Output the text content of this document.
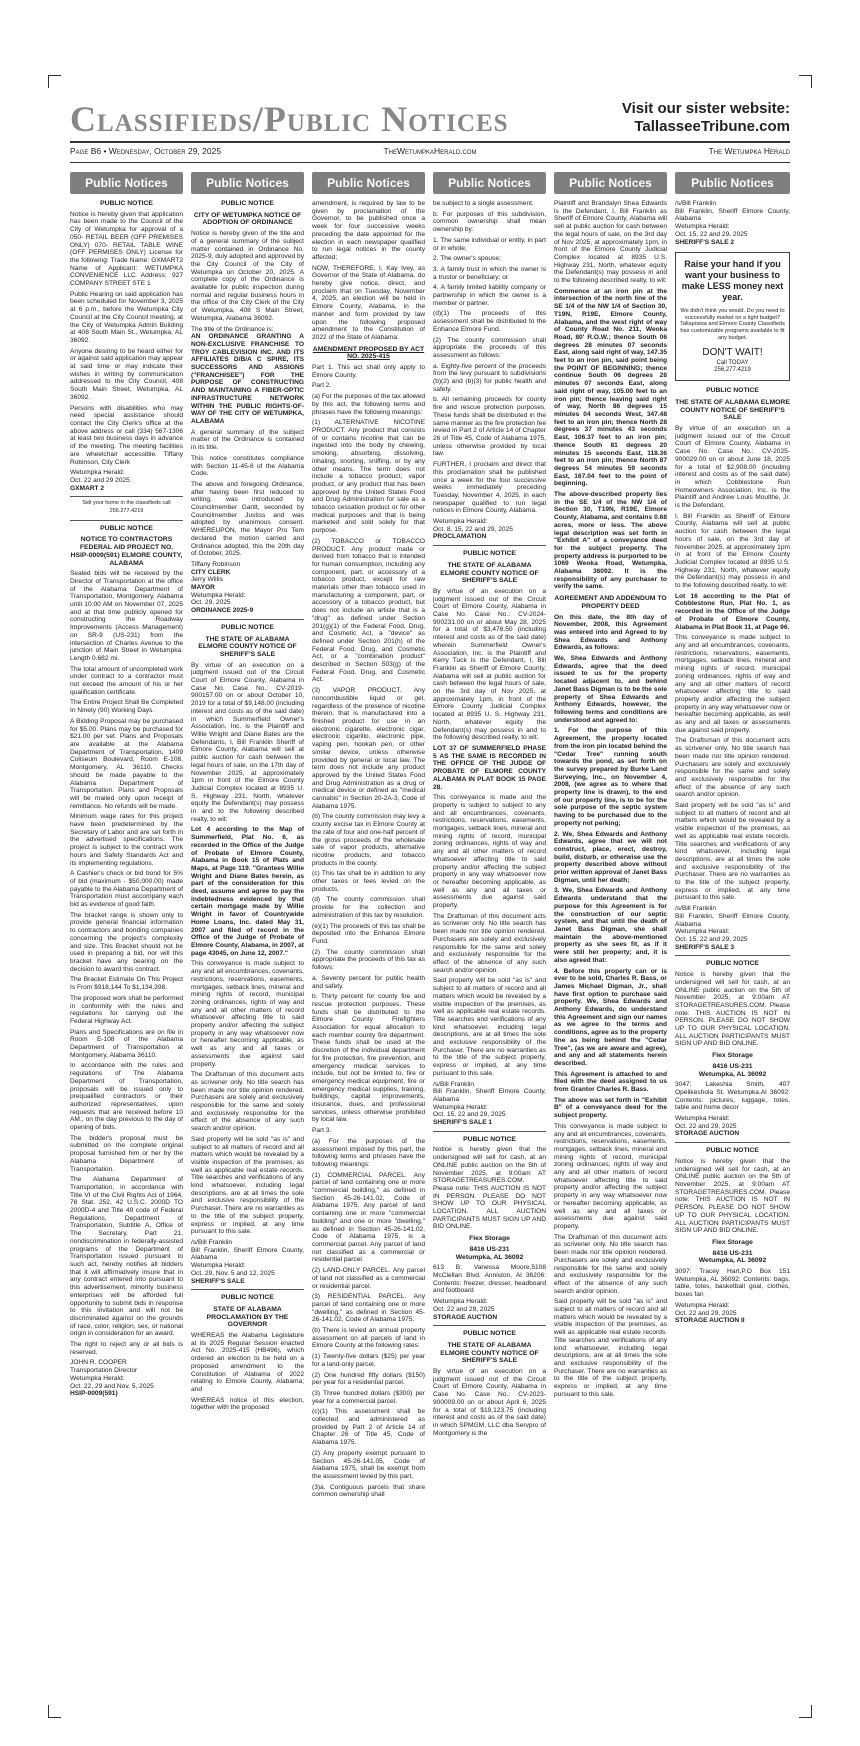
Classifieds/Public Notices	Visit our sister website:
TallasseeTribune.com
Page B6 • Wednesday, October 29, 2025	TheWetumpkaHerald.com	The Wetumpka Herald
Public Notices

PUBLIC NOTICE

Notice is hereby given that application has been made to the Council of the City of Wetumpka for approval of a 050- RETAIL BEER (OFF PREMISES ONLY) 070- RETAIL TABLE WINE (OFF PERMISES ONLY) License for the following: Trade Name: GXMART2 Name of Applicant: WETUMPKA CONVENIENCE LLC Address: 927 COMPANY STREET STE 1

Public Hearing on said application has been scheduled for November 3, 2025 at 6 p.m., before the Wetumpka City Council at the City Council meeting, at the City of Wetumpka Admin Building at 408 South Main St., Wetumpka, AL 36092.

Anyone desiring to be heard either for or against said application may appear at said time or may indicate their wishes in writing by communication addressed to the City Council, 408 South Main Street, Wetumpka, AL 36092.

Persons with disabilities who may need special assistance should contact the City Clerk's office at the above address or call (334) 567-1306 at least two business days in advance of the meeting. The meeting facilities are wheelchair accessible. Tiffany Robinson, City Clerk

Wetumpka Herald:

Oct. 22 and 29 2025

GXMART 2

Sell your home in the classifieds call 256.277.4219

PUBLIC NOTICE

NOTICE TO CONTRACTORS FEDERAL AID PROJECT NO. HSIP-0009(591) ELMORE COUNTY, ALABAMA

Sealed bids will be received by the Director of Transportation at the office of the Alabama Department of Transportation, Montgomery, Alabama until 10:00 AM on November 07, 2025 and at that time publicly opened for constructing the Roadway Improvements (Access Management) on SR-9 (US-231) from the intersection of Charles Avenue to the junction of Main Street in Wetumpka. Length 0.682 mi.

The total amount of uncompleted work under contract to a contractor must not exceed the amount of his or her qualification certificate.

The Entire Project Shall Be Completed In Ninety (90) Working Days.

A Bidding Proposal may be purchased for $5.00. Plans may be purchased for $21.00 per set. Plans and Proposals are available at the Alabama Department of Transportation, 1409 Coliseum Boulevard, Room E-108, Montgomery, AL 36110. Checks should be made payable to the Alabama Department of Transportation. Plans and Proposals will be mailed only upon receipt of remittance. No refunds will be made.

Minimum wage rates for this project have been predetermined by the Secretary of Labor and are set forth in the advertised specifications. The project is subject to the contract work hours and Safety Standards Act and its implementing regulations.

A Cashier's check or bid bond for 5% of bid (maximum - $50,000.00) made payable to the Alabama Department of Transportation must accompany each bid as evidence of good faith.

The bracket range is shown only to provide general financial information to contractors and bonding companies concerning the project's complexity and size. This Bracket should not be used in preparing a bid, nor will this bracket have any bearing on the decision to award this contract.

The Bracket Estimate On This Project Is From $918,144 To $1,134,398.

The proposed work shall be performed in conformity with the rules and regulations for carrying out the Federal Highway Act.

Plans and Specifications are on file in Room E-108 of the Alabama Department of Transportation at Montgomery, Alabama 36110.

In accordance with the rules and regulations of The Alabama Department of Transportation, proposals will be issued only to prequalified contractors or their authorized representatives, upon requests that are received before 10 AM., on the day previous to the day of opening of bids.

The bidder's proposal must be submitted on the complete original proposal furnished him or her by the Alabama Department of Transportation.

The Alabama Department of Transportation, in accordance with Title VI of the Civil Rights Act of 1964, 78 Stat. 252, 42 U.S.C. 2000D TO 2000D-4 and Title 49 code of Federal Regulations, Department of Transportation, Subtitle A, Office of The Secretary, Part 21, nondiscrimination in federally-assisted programs of the Department of Transportation issued pursuant to such act, hereby notifies all bidders that it will affirmatively insure that in any contract entered into pursuant to this advertisement, minority business enterprises will be afforded full opportunity to submit bids in response to this invitation and will not be discriminated against on the grounds of race, color, religion, sex, or national origin in consideration for an award.

The right to reject any or all bids is reserved.

JOHN R. COOPER

Transportation Director

Wetumpka Herald:

Oct. 22, 29 and Nov. 5, 2025

HSIP-0009(591)

Public Notices

PUBLIC NOTICE

CITY OF WETUMPKA NOTICE OF ADOPTION OF ORDINANCE

Notice is hereby given of the title and of a general summary of the subject matter contained in Ordinance No. 2025-9, duly adopted and approved by the City Council of the City of Wetumpka on October 20, 2025. A complete copy of the Ordinance is available for public inspection during normal and regular business hours in the office of the City Clerk of the City of Wetumpka, 408 S Main Street, Wetumpka, Alabama 36092.

The title of the Ordinance is:

AN ORDINANCE GRANTING A NON-EXCLUSIVE FRANCHISE TO TROY CABLEVISION INC. AND ITS AFFILIATES D/B/A C SPIRE, ITS SUCCESSORS AND ASSIGNS ("FRANCHISEE") FOR THE PURPOSE OF CONSTRUCTING AND MAINTAINING A FIBER-OPTIC INFRASTRUCTURE NETWORK WITHIN THE PUBLIC RIGHTS-OF-WAY OF THE CITY OF WETUMPKA, ALABAMA

A general summary of the subject matter of the Ordinance is contained in its title.

This notice constitutes compliance with Section 11-45-8 of the Alabama Code.

The above and foregoing Ordinance, after having been first reduced to writing, was introduced by Councilmember Gantt, seconded by Councilmember Justiss and was adopted by unanimous consent. WHEREUPON, the Mayor Pro Tem declared the motion carried and Ordinance adopted, this the 20th day of October, 2025.

Tiffany Robinson

CITY CLERK

Jerry Willis

MAYOR

Wetumpka Herald:

Oct. 29, 2025

ORDINANCE 2025-9

PUBLIC NOTICE

THE STATE OF ALABAMA ELMORE COUNTY NOTICE OF SHERIFF'S SALE

By virtue of an execution on a judgment issued out of the Circuit Court of Elmore County, Alabama in Case No. Case No.: CV-2019-900157.00 on or about October 10, 2019 for a total of $9,148.00 (including interest and costs as of the said date) in which Summerfield Owner's Association, Inc. is the Plaintiff and Willie Wright and Diane Bates are the Defendants, I, Bill Franklin Sheriff of Elmore County, Alabama will sell at public auction for cash between the legal hours of sale, on the 17th day of November 2025, at approximately 1pm in front of the Elmore County Judicial Complex located at 8935 U. S. Highway 231, North, whatever equity the Defendant(s) may possess in and to the following described realty, to wit:

Lot 4 according to the Map of Summerfield, Plat No. 6, as recorded in the Office of the Judge of Probate of Elmore County, Alabama in Book 15 of Plats and Maps, at Page 119. "Grantees Willie Wright and Diane Bates herein, as part of the consideration for this deed, assume and agree to pay the indebtedness evidenced by that certain mortgage made by Willie Wright in favor of Countrywide Home Loans, Inc. dated May 31, 2007 and filed of record in the Office of the Judge of Probate of Elmore County, Alabama, in 2007, at page 43045, on June 12, 2007."

This conveyance is made subject to any and all encumbrances, covenants, restrictions, reservations, easements, mortgages, setback lines, mineral and mining rights of record, municipal zoning ordinances, rights of way and any and all other matters of record whatsoever affecting title to said property and/or affecting the subject property in any way whatsoever now or hereafter becoming applicable, as well as any and all taxes or assessments due against said property.

The Draftsman of this document acts as scrivener only. No title search has been made nor title opinion rendered. Purchasers are solely and exclusively responsible for the same and solely and exclusively responsible for the effect of the absence of any such search and/or opinion.

Said property will be sold "as is" and subject to all matters of record and all matters which would be revealed by a visible inspection of the premises, as well as applicable real estate records. Title searches and verifications of any kind whatsoever, including legal descriptions, are at all times the sole and exclusive responsibility of the Purchaser. There are no warranties as to the title of the subject property, express or implied, at any time pursuant to this sale.

/s/Bill Franklin

Bill Franklin, Sheriff Elmore County, Alabama

Wetumpka Herald:

Oct. 29, Nov. 5 and 12, 2025

SHERIFF'S SALE

PUBLIC NOTICE

STATE OF ALABAMA PROCLAMATION BY THE GOVERNOR

WHEREAS the Alabama Legislature at its 2025 Regular Session enacted Act No. 2025-415 (HB496), which ordered an election to be held on a proposed amendment to the Constitution of Alabama of 2022 relating to Elmore County, Alabama; and

WHEREAS notice of this election, together with the proposed

Public Notices

amendment, is required by law to be given by proclamation of the Governor, to be published once a week for four successive weeks preceding the date appointed for the election in each newspaper qualified to run legal notices in the county affected;

NOW, THEREFORE, I, Kay Ivey, as Governor of the State of Alabama, do hereby give notice, direct, and proclaim that on Tuesday, November 4, 2025, an election will be held in Elmore County, Alabama, in the manner and form provided by law upon the following proposed amendment to the Constitution of 2022 of the State of Alabama:

AMENDMENT PROPOSED BY ACT NO. 2025-415

Part 1. This act shall only apply to Elmore County.

Part 2.

(a) For the purposes of the tax allowed by this act, the following terms and phrases have the following meanings:

(1) ALTERNATIVE NICOTINE PRODUCT. Any product that consists of or contains nicotine that can be ingested into the body by chewing, smoking, absorbing, dissolving, inhaling, snorting, sniffing, or by any other means. The term does not include a tobacco product, vapor product, or any product that has been approved by the United States Food and Drug Administration for sale as a tobacco cessation product or for other medical purposes and that is being marketed and sold solely for that purpose.

(2) TOBACCO or TOBACCO PRODUCT. Any product made or derived from tobacco that is intended for human consumption, including any component, part, or accessory of a tobacco product, except for raw materials other than tobacco used in manufacturing a component, part, or accessory of a tobacco product, but does not include an article that is a "drug" as defined under Section 201(g)(1) of the Federal Food, Drug, and Cosmetic Act, a "device" as defined under Section 201(h) of the Federal Food, Drug, and Cosmetic Act, or a "combination product" described in Section 503(g) of the Federal Food, Drug, and Cosmetic Act.

(3) VAPOR PRODUCT. Any noncombustible liquid or gel, regardless of the presence of nicotine therein, that is manufactured into a finished product for use in an electronic cigarette, electronic cigar, electronic cigarillo, electronic pipe, vaping pen, hookah pen, or other similar device, unless otherwise provided by general or local law. The term does not include any product approved by the United States Food and Drug Administration as a drug or medical device or defined as "medical cannabis" in Section 20-2A-3, Code of Alabama 1975.

(b) The county commission may levy a county excise tax in Elmore County at the rate of four and one-half percent of the gross proceeds of the wholesale sale of vapor products, alternative nicotine products, and tobacco products in the county.

(c) This tax shall be in addition to any other taxes or fees levied on the products.

(d) The county commission shall provide for the collection and administration of this tax by resolution.

(e)(1) The proceeds of this tax shall be deposited into the Enhance Elmore Fund.

(2) The county commission shall appropriate the proceeds of this tax as follows:

a. Seventy percent for public health and safety.

b. Thirty percent for county fire and rescue protection purposes. These funds shall be distributed to the Elmore County Firefighters Association for equal allocation to each member county fire department. These funds shall be used at the discretion of the individual department for fire protection, fire prevention, and emergency medical services to include, but not be limited to, fire or emergency medical equipment, fire or emergency medical supplies, training, buildings, capital improvements, insurance, dues, and professional services, unless otherwise prohibited by local law.

Part 3.

(a) For the purposes of the assessment imposed by this part, the following terms and phrases have the following meanings:

(1) COMMERCIAL PARCEL. Any parcel of land containing one or more "commercial building," as defined in Section 45-26-141.02, Code of Alabama 1975. Any parcel of land containing one or more "commercial building" and one or more "dwelling," as defined in Section 45-26-141.02, Code of Alabama 1975, is a commercial parcel. Any parcel of land not classified as a commercial or residential parcel.

(2) LAND-ONLY PARCEL. Any parcel of land not classified as a commercial or residential parcel.

(3) RESIDENTIAL PARCEL. Any parcel of land containing one or more "dwelling," as defined in Section 45-26-141.02, Code of Alabama 1975.

(b) There is levied an annual property assessment on all parcels of land in Elmore County at the following rates:

(1) Twenty-five dollars ($25) per year for a land-only parcel.

(2) One hundred fifty dollars ($150) per year for a residential parcel.

(3) Three hundred dollars ($300) per year for a commercial parcel.

(c)(1) This assessment shall be collected and administered as provided by Part 2 of Article 14 of Chapter 26 of Title 45, Code of Alabama 1975.

(2) Any property exempt pursuant to Section 45-26-141.05, Code of Alabama 1975, shall be exempt from the assessment levied by this part.

(3)a. Contiguous parcels that share common ownership shall

Public Notices

be subject to a single assessment.

b. For purposes of this subdivision, common ownership shall mean ownership by:

1. The same individual or entity, in part or in whole;

2. The owner's spouse;

3. A family trust in which the owner is a trustor or beneficiary; or

4. A family limited liability company or partnership in which the owner is a member or partner.

(d)(1) The proceeds of this assessment shall be distributed to the Enhance Elmore Fund.

(2) The county commission shall appropriate the proceeds of this assessment as follows:

a. Eighty-five percent of the proceeds from the levy pursuant to subdivisions (b)(2) and (b)(3) for public health and safety.

b. All remaining proceeds for county fire and rescue protection purposes. These funds shall be distributed in the same manner as the fire protection fee levied in Part 2 of Article 14 of Chapter 26 of Title 45, Code of Alabama 1975, unless otherwise provided by local law.

FURTHER, I proclaim and direct that this proclamation shall be published once a week for the four successive weeks immediately preceding Tuesday, November 4, 2025, in each newspaper qualified to run legal notices in Elmore County, Alabama.

Wetumpka Herald:

Oct. 8, 15, 22 and 29, 2025

PROCLAMATION

PUBLIC NOTICE

THE STATE OF ALABAMA ELMORE COUNTY NOTICE OF SHERIFF'S SALE

By virtue of an execution on a judgment issued out of the Circuit Court of Elmore County, Alabama in Case No. Case No.: CV-2024-900231.00 on or about May 28, 2025 for a total of $3,476.50 (including interest and costs as of the said date) wherein Summerfield Owner's Association, Inc. is the Plaintiff and Kerry Tuck is the Defendant, I, Bill Franklin as Sheriff of Elmore County, Alabama will sell at public auction for cash between the legal hours of sale, on the 3rd day of Nov 2025, at approximately 1pm, in front of the Elmore County Judicial Complex located at 8935 U. S. Highway 231, North, whatever equity the Defendant(s) may possess in and to the following described realty, to wit:

LOT 37 OF SUMMERFIELD PHASE 5 AS THE SAME IS RECORDED IN THE OFFICE OF THE JUDGE OF PROBATE OF ELMORE COUNTY ALABAMA IN PLAT BOOK 15 PAGE 28.

This conveyance is made and the property is subject to subject to any and all encumbrances, covenants, restrictions, reservations, easements, mortgages, setback lines, mineral and mining rights of record, municipal zoning ordinances, rights of way and any and all other matters of record whatsoever affecting title to said property and/or affecting the subject property in any way whatsoever now or hereafter becoming applicable, as well as any and all taxes or assessments due against said property.

The Draftsman of this document acts as scrivener only. No title search has been made nor title opinion rendered. Purchasers are solely and exclusively responsible for the same and solely and exclusively responsible for the effect of the absence of any such search and/or opinion.

Said property will be sold "as is" and subject to all matters of record and all matters which would be revealed by a visible inspection of the premises, as well as applicable real estate records. Title searches and verifications of any kind whatsoever, including legal descriptions, are at all times the sole and exclusive responsibility of the Purchaser. There are no warranties as to the title of the subject property, express or implied, at any time pursuant to this sale.

/s/Bill Franklin

Bill Franklin, Sheriff Elmore County, Alabama

Wetumpka Herald:

Oct. 15, 22 and 29, 2025

SHERIFF'S SALE 1

PUBLIC NOTICE

Notice is hereby given that the undersigned will sell for cash, at an ONLINE public auction on the 5th of November 2025, at 9:00am AT STORAGETREASURES.COM. Please note: THIS AUCTION IS NOT IN PERSON. PLEASE DO NOT SHOW UP TO OUR PHYSICAL LOCATION. ALL AUCTION PARTICIPANTS MUST SIGN UP AND BID ONLINE.

Flex Storage

8416 US-231

Wetumpka, AL 36092

613 B: Vanessa Moore,5108 McClellan Blvd. Anniston, Al 36206: Contents: freezer, dresser, headboard and footboard

Wetumpka Herald:

Oct. 22 and 29, 2025

STORAGE AUCTION

PUBLIC NOTICE

THE STATE OF ALABAMA ELMORE COUNTY NOTICE OF SHERIFF'S SALE

By virtue of an execution on a judgment issued out of the Circuit Court of Elmore County, Alabama in Case No. Case No.: CV-2023-900009.00 on or about April 6, 2025 for a total of $19,123.75 (including interest and costs as of the said date) in which SPMGM, LLC dba Servpro of Montgomery is the

Public Notices

Plaintiff and Brandalyn Shea Edwards is the Defendant, I, Bill Franklin as Sheriff of Elmore County, Alabama will sell at public auction for cash between the legal hours of sale, on the 3rd day of Nov 2025, at approximately 1pm, in front of the Elmore County Judicial Complex located at 8935 U.S. Highway 231, North, whatever equity the Defendant(s) may possess in and to the following described realty, to wit:

Commence at an iron pin at the intersection of the north line of the SE 1/4 of the NW 1/4 of Section 30, T19N, R19E, Elmore County, Alabama, and the west right of way of County Road No. 211, Weoka Road, 80' R.O.W.; thence South 06 degrees 28 minutes 07 seconds East, along said right of way, 147.35 feet to an iron pin, said point being the POINT OF BEGINNING; thence continue South 06 degrees 28 minutes 07 seconds East, along said right of way, 105.00 feet to an iron pin; thence leaving said right of way, North 86 degrees 15 minutes 04 seconds West, 347.48 feet to an iron pin; thence North 28 degrees 37 minutes 43 seconds East, 106.37 feet to an iron pin; thence South 81 degrees 20 minutes 15 seconds East, 118.36 feet to an iron pin; thence North 87 degrees 54 minutes 59 seconds East, 167.04 feet to the point of beginning.

The above-described property lies in the SE 1/4 of the NW 1/4 of Section 30, T19N, R19E, Elmore County, Alabama, and contains 0.68 acres, more or less. The above legal description was set forth in "Exhibit A" of a conveyance deed for the subject property. The property address is purported to be 1069 Weoka Road, Wetumpka, Alabama 36092. It is the responsibility of any purchaser to verify the same.

AGREEMENT AND ADDENDUM TO PROPERTY DEED

On this date, the 8th day of November, 2008, this Agreement was entered into and Agreed to by Shea Edwards and Anthony Edwards, as follows:

We, Shea Edwards and Anthony Edwards, agree that the deed issued to us for the property located adjacent to, and behind Janet Bass Digman is to be the sole property of Shea Edwards and Anthony Edwards, however, the following terms and conditions are understood and agreed to:

1. For the purpose of this Agreement, the property located from the iron pin located behind the "Cedar Tree" running south towards the pond, as set forth on the survey prepared by Burke Land Surveying, Inc., on November 4, 2008, (we agree as to where that property line is drawn), to the end of our property line, is to be for the sole purpose of the septic system having to be purchased due to the property not perking;

2. We, Shea Edwards and Anthony Edwards, agree that we will not construct, place, erect, destroy, build, disturb, or otherwise use the property described above without prior written approval of Janet Bass Digman, until her death;

3. We, Shea Edwards and Anthony Edwards understand that the purpose for this Agreement is for the construction of our septic system, and that until the death of Janet Bass Digman, she shall maintain the above-mentioned property as she sees fit, as if it were still her property; and, it is also agreed that:

4. Before this property can or is ever to be sold, Charles R. Bass, or James Michael Digman, Jr., shall have first option to purchase said property. We, Shea Edwards and Anthony Edwards, do understand this Agreement and sign our names as we agree to the terms and conditions, agree as to the property line as being behind the "Cedar Tree", (as we are aware and agree), and any and all statements herein described.

This Agreement is attached to and filed with the deed assigned to us from Grantor Charles R. Bass.

The above was set forth in "Exhibit B" of a conveyance deed for the subject property.

This conveyance is made subject to any and all encumbrances, covenants, restrictions, reservations, easements, mortgages, setback lines, mineral and mining rights of record, municipal zoning ordinances, rights of way and any and all other matters of record whatsoever affecting title to said property and/or affecting the subject property in any way whatsoever now or hereafter becoming applicable, as well as any and all taxes or assessments due against said property.

The Draftsman of this document acts as scrivener only. No title search has been made nor title opinion rendered. Purchasers are solely and exclusively responsible for the same and solely and exclusively responsible for the effect of the absence of any such search and/or opinion.

Said property will be sold "as is" and subject to all matters of record and all matters which would be revealed by a visible inspection of the premises, as well as applicable real estate records. Title searches and verifications of any kind whatsoever, including legal descriptions, are at all times the sole and exclusive responsibility of the Purchaser. There are no warranties as to the title of the subject property, express or implied, at any time pursuant to this sale.

Public Notices

/s/Bill Franklin

Bill Franklin, Sheriff Elmore County, Alabama

Wetumpka Herald:

Oct. 15, 22 and 29, 2025

SHERIFF'S SALE 2

Raise your hand if you want your business to make LESS money next year.
We didn't think you would. Do you need to successfully market on a tight budget? Tallapoosa and Elmore County Classifieds has customizable programs available to fit any budget.
DON'T WAIT!
Call TODAY
256.277.4219

PUBLIC NOTICE

THE STATE OF ALABAMA ELMORE COUNTY NOTICE OF SHERIFF'S SALE

By virtue of an execution on a judgment issued out of the Circuit Court of Elmore County, Alabama in Case No. Case No.: CV-2025-900029.00 on or about June 18, 2025 for a total of $2,908.00 (including interest and costs as of the said date) in which Cobblestone Run Homeowners Association, Inc. is the Plaintiff and Andrew Louis Moulthe, Jr. is the Defendant,

I, Bill Franklin as Sheriff of Elmore County, Alabama will sell at public auction for cash between the legal hours of sale, on the 3rd day of November 2025, at approximately 1pm in at front of the Elmore County Judicial Complex located at 8935 U.S. Highway 231, North, whatever equity the Defendant(s) may possess in and to the following described realty, to wit:

Lot 16 according to the Plat of Cobblestone Run, Plat No. 1, as recorded in the Office of the Judge of Probate of Elmore County, Alabama in Plat Book 11, at Page 96.

This conveyance is made subject to any and all encumbrances, covenants, restrictions, reservations, easements, mortgages, setback lines, mineral and mining rights of record, municipal zoning ordinances, rights of way and any and all other matters of record whatsoever affecting title to said property and/or affecting the subject property in any way whatsoever now or hereafter becoming applicable, as well as any and all taxes or assessments due against said property.

The Draftsman of this document acts as scrivener only. No title search has been made nor title opinion rendered. Purchasers are solely and exclusively responsible for the same and solely and exclusively responsible for the effect of the absence of any such search and/or opinion.

Said property will be sold "as is" and subject to all matters of record and all matters which would be revealed by a visible inspection of the premises, as well as applicable real estate records. Title searches and verifications of any kind whatsoever, including legal descriptions, are at all times the sole and exclusive responsibility of the Purchaser. There are no warranties as to the title of the subject property, express or implied, at any time pursuant to this sale.

/s/Bill Franklin

Bill Franklin, Sheriff Elmore County, Alabama

Wetumpka Herald:

Oct. 15, 22 and 29, 2025

SHERIFF'S SALE 3

PUBLIC NOTICE

Notice is hereby given that the undersigned will sell for cash, at an ONLINE public auction on the 5th of November 2025, at 9:00am AT STORAGETREASURES.COM. Please note: THIS AUCTION IS NOT IN PERSON. PLEASE DO NOT SHOW UP TO OUR PHYSICAL LOCATION. ALL AUCTION PARTICIPANTS MUST SIGN UP AND BID ONLINE.

Flex Storage

8416 US-231

Wetumpka, AL 36092

3047: Lakeshia Smith, 407 Opelikeshola St. Wetumpka,Al 36092: Contents: pictures, luggage, totes, table and home decor

Wetumpka Herald:

Oct. 22 and 29, 2025

STORAGE AUCTION

PUBLIC NOTICE

Notice is hereby given that the undersigned will sell for cash, at an ONLINE public auction on the 5th of November 2025, at 9:00am AT STORAGETREASURES.COM. Please note: THIS AUCTION IS NOT IN PERSON. PLEASE DO NOT SHOW UP TO OUR PHYSICAL LOCATION. ALL AUCTION PARTICIPANTS MUST SIGN UP AND BID ONLINE.

Flex Storage

8416 US-231

Wetumpka, AL 36092

3097: Tracey Hart,P.O Box 151 Wetumpka, AL 36092: Contents: bags, table, totes, basketball goal, clothes, boxes fan

Wetumpka Herald:

Oct. 22 and 29, 2025

STORAGE AUCTION II
